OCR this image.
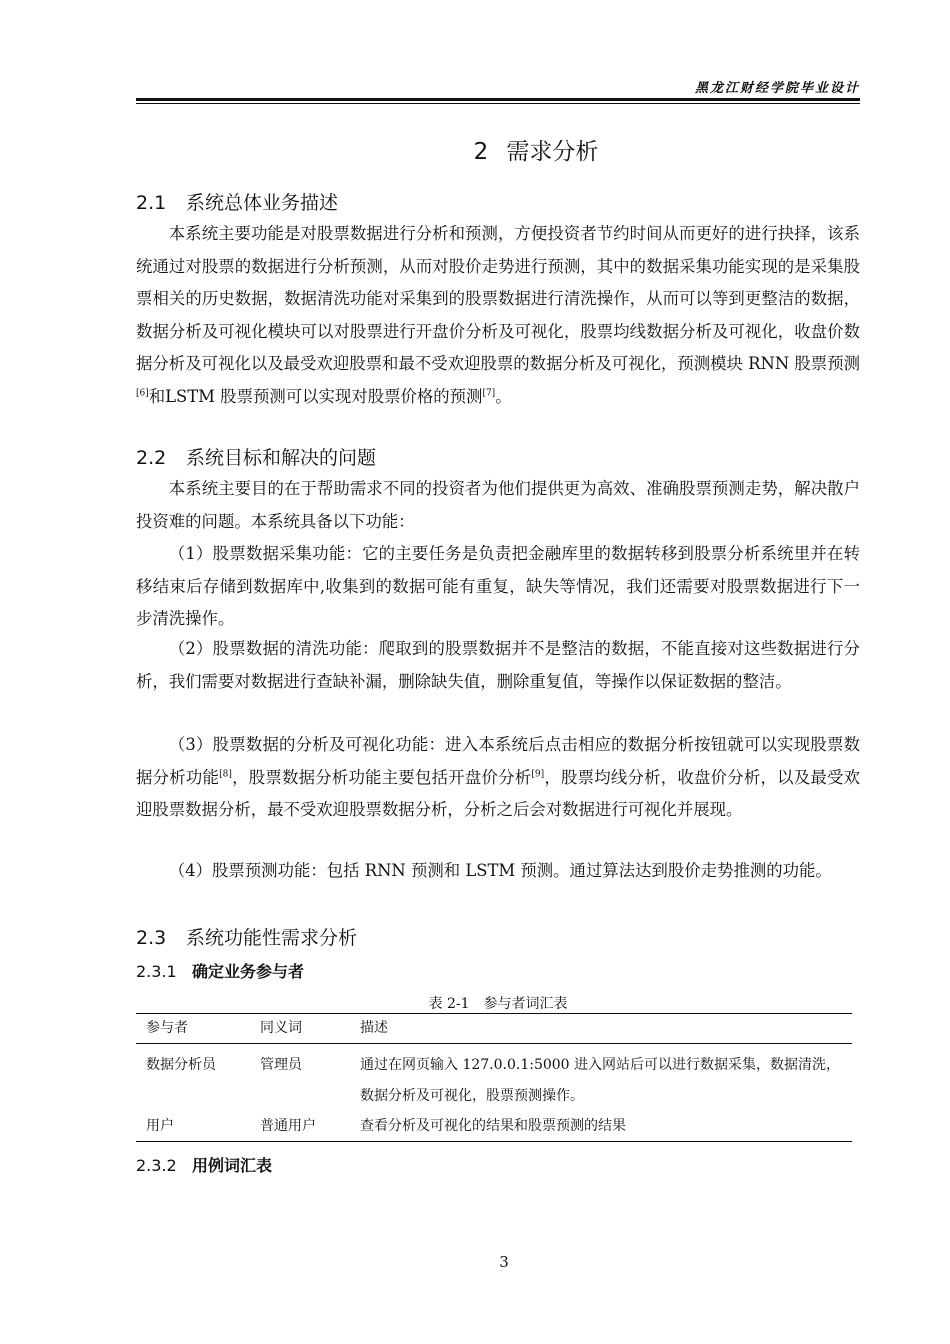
黑龙江财经学院毕业设计
2 需求分析
2.1 系统总体业务描述

本系统主要功能是对股票数据进行分析和预测，方便投资者节约时间从而更好的进行抉择，该系统通过对股票的数据进行分析预测，从而对股价走势进行预测，其中的数据采集功能实现的是采集股票相关的历史数据，数据清洗功能对采集到的股票数据进行清洗操作，从而可以等到更整洁的数据，数据分析及可视化模块可以对股票进行开盘价分析及可视化，股票均线数据分析及可视化，收盘价数据分析及可视化以及最受欢迎股票和最不受欢迎股票的数据分析及可视化，预测模块 RNN 股票预测[6]和LSTM 股票预测可以实现对股票价格的预测[7]。

2.2 系统目标和解决的问题

本系统主要目的在于帮助需求不同的投资者为他们提供更为高效、准确股票预测走势，解决散户投资难的问题。本系统具备以下功能：

（1）股票数据采集功能：它的主要任务是负责把金融库里的数据转移到股票分析系统里并在转移结束后存储到数据库中,收集到的数据可能有重复，缺失等情况，我们还需要对股票数据进行下一步清洗操作。

（2）股票数据的清洗功能：爬取到的股票数据并不是整洁的数据，不能直接对这些数据进行分析，我们需要对数据进行查缺补漏，删除缺失值，删除重复值，等操作以保证数据的整洁。

（3）股票数据的分析及可视化功能：进入本系统后点击相应的数据分析按钮就可以实现股票数据分析功能[8]，股票数据分析功能主要包括开盘价分析[9]，股票均线分析，收盘价分析，以及最受欢迎股票数据分析，最不受欢迎股票数据分析，分析之后会对数据进行可视化并展现。

（4）股票预测功能：包括 RNN 预测和 LSTM 预测。通过算法达到股价走势推测的功能。

2.3 系统功能性需求分析
2.3.1 确定业务参与者
表 2-1 参与者词汇表
参与者	同义词	描述
数据分析员	管理员	通过在网页输入 127.0.0.1:5000 进入网站后可以进行数据采集，数据清洗，数据分析及可视化，股票预测操作。
用户	普通用户	查看分析及可视化的结果和股票预测的结果
2.3.2 用例词汇表
3
